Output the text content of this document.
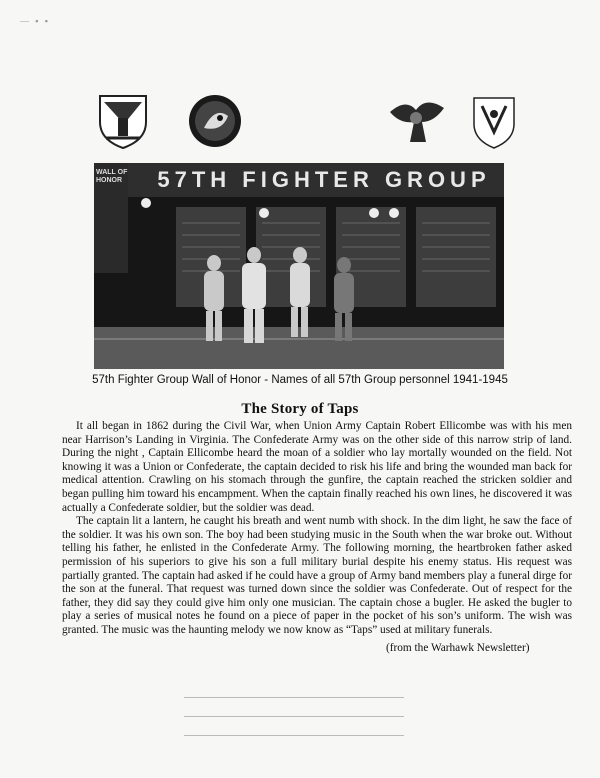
— ▪ ▪
57TH FIGHTER GROUP
WALL OF HONOR
57th Fighter Group Wall of Honor - Names of all 57th Group personnel 1941-1945
The Story of Taps

It all began in 1862 during the Civil War, when Union Army Captain Robert Ellicombe was with his men near Harrison’s Landing in Virginia. The Confederate Army was on the other side of this narrow strip of land. During the night , Captain Ellicombe heard the moan of a soldier who lay mortally wounded on the field. Not knowing it was a Union or Confederate, the captain decided to risk his life and bring the wounded man back for medical attention. Crawling on his stomach through the gunfire, the captain reached the stricken soldier and began pulling him toward his encampment. When the captain finally reached his own lines, he discovered it was actually a Confederate soldier, but the soldier was dead.

The captain lit a lantern, he caught his breath and went numb with shock. In the dim light, he saw the face of the soldier. It was his own son. The boy had been studying music in the South when the war broke out. Without telling his father, he enlisted in the Confederate Army. The following morning, the heartbroken father asked permission of his superiors to give his son a full military burial despite his enemy status. His request was partially granted. The captain had asked if he could have a group of Army band members play a funeral dirge for the son at the funeral. That request was turned down since the soldier was Confederate. Out of respect for the father, they did say they could give him only one musician. The captain chose a bugler. He asked the bugler to play a series of musical notes he found on a piece of paper in the pocket of his son’s uniform. The wish was granted. The music was the haunting melody we now know as “Taps” used at military funerals.

(from the Warhawk Newsletter)
